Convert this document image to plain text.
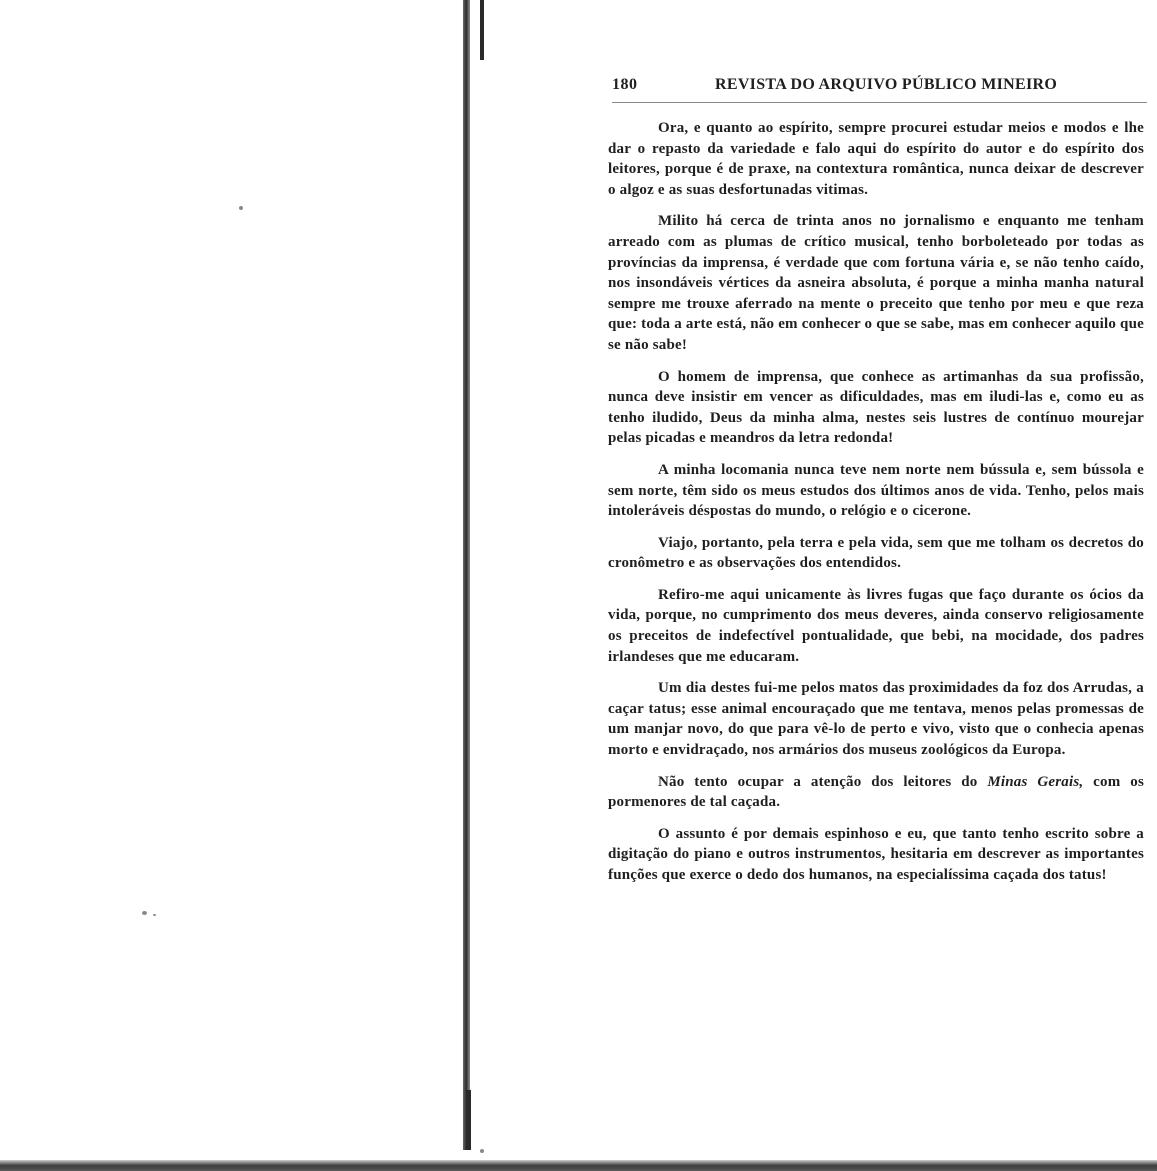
180	REVISTA DO ARQUIVO PÚBLICO MINEIRO

Ora, e quanto ao espírito, sempre procurei estudar meios e modos e lhe dar o repasto da variedade e falo aqui do espírito do autor e do espírito dos leitores, porque é de praxe, na contextura romântica, nunca deixar de descrever o algoz e as suas desfortunadas vitimas.

Milito há cerca de trinta anos no jornalismo e enquanto me tenham arreado com as plumas de crítico musical, tenho borboleteado por todas as províncias da imprensa, é verdade que com fortuna vária e, se não tenho caído, nos insondáveis vértices da asneira absoluta, é porque a minha manha natural sempre me trouxe aferrado na mente o preceito que tenho por meu e que reza que: toda a arte está, não em conhecer o que se sabe, mas em conhecer aquilo que se não sabe!

O homem de imprensa, que conhece as artimanhas da sua profissão, nunca deve insistir em vencer as dificuldades, mas em iludi-las e, como eu as tenho iludido, Deus da minha alma, nestes seis lustres de contínuo mourejar pelas picadas e meandros da letra redonda!

A minha locomania nunca teve nem norte nem bússula e, sem bússola e sem norte, têm sido os meus estudos dos últimos anos de vida. Tenho, pelos mais intoleráveis déspostas do mundo, o relógio e o cicerone.

Viajo, portanto, pela terra e pela vida, sem que me tolham os decretos do cronômetro e as observações dos entendidos.

Refiro-me aqui unicamente às livres fugas que faço durante os ócios da vida, porque, no cumprimento dos meus deveres, ainda conservo religiosamente os preceitos de indefectível pontualidade, que bebi, na mocidade, dos padres irlandeses que me educaram.

Um dia destes fui-me pelos matos das proximidades da foz dos Arrudas, a caçar tatus; esse animal encouraçado que me tentava, menos pelas promessas de um manjar novo, do que para vê-lo de perto e vivo, visto que o conhecia apenas morto e envidraçado, nos armários dos museus zoológicos da Europa.

Não tento ocupar a atenção dos leitores do Minas Gerais, com os pormenores de tal caçada.

O assunto é por demais espinhoso e eu, que tanto tenho escrito sobre a digitação do piano e outros instrumentos, hesitaria em descrever as importantes funções que exerce o dedo dos humanos, na especialíssima caçada dos tatus!
